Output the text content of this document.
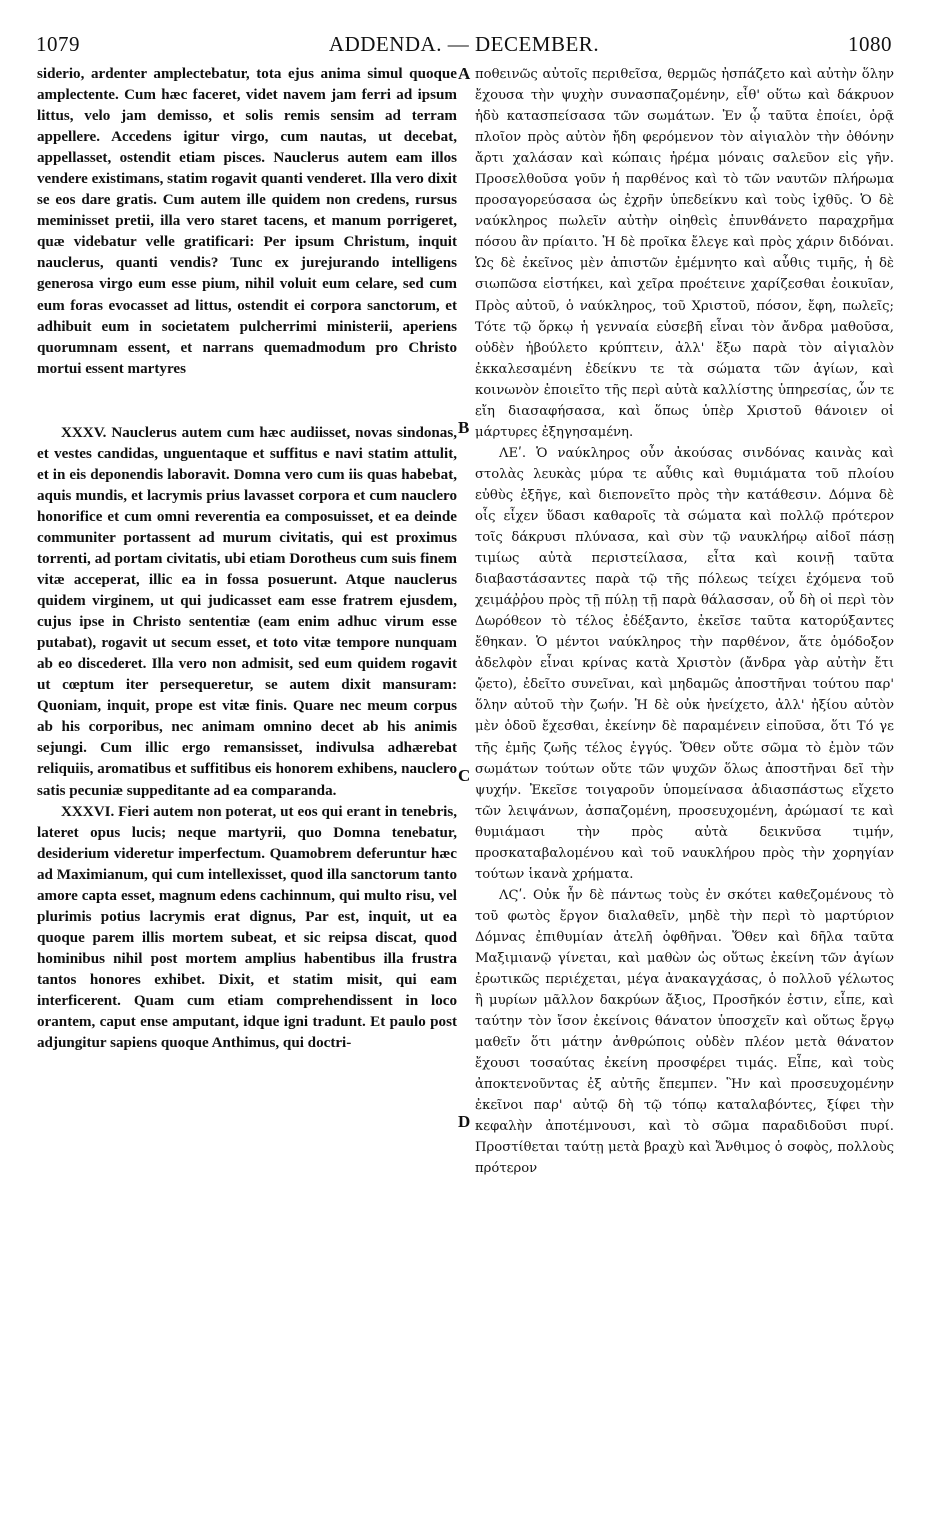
1079	ADDENDA. — DECEMBER.	1080

siderio, ardenter amplectebatur, tota ejus anima simul quoque amplectente. Cum hæc faceret, videt navem jam ferri ad ipsum littus, velo jam demisso, et solis remis sensim ad terram appellere. Accedens igitur virgo, cum nautas, ut decebat, appellasset, ostendit etiam pisces. Nauclerus autem eam illos vendere existimans, statim rogavit quanti venderet. Illa vero dixit se eos dare gratis. Cum autem ille quidem non credens, rursus meminisset pretii, illa vero staret tacens, et manum porrigeret, quæ videbatur velle gratificari: Per ipsum Christum, inquit nauclerus, quanti vendis? Tunc ex jurejurando intelligens generosa virgo eum esse pium, nihil voluit eum celare, sed cum eum foras evocasset ad littus, ostendit ei corpora sanctorum, et adhibuit eum in societatem pulcherrimi ministerii, aperiens quorumnam essent, et narrans quemadmodum pro Christo mortui essent martyres

XXXV. Nauclerus autem cum hæc audiisset, novas sindonas, et vestes candidas, unguentaque et suffitus e navi statim attulit, et in eis deponendis laboravit. Domna vero cum iis quas habebat, aquis mundis, et lacrymis prius lavasset corpora et cum nauclero honorifice et cum omni reverentia ea composuisset, et ea deinde communiter portassent ad murum civitatis, qui est proximus torrenti, ad portam civitatis, ubi etiam Dorotheus cum suis finem vitæ acceperat, illic ea in fossa posuerunt. Atque nauclerus quidem virginem, ut qui judicasset eam esse fratrem ejusdem, cujus ipse in Christo sententiæ (eam enim adhuc virum esse putabat), rogavit ut secum esset, et toto vitæ tempore nunquam ab eo discederet. Illa vero non admisit, sed eum quidem rogavit ut cœptum iter persequeretur, se autem dixit mansuram: Quoniam, inquit, prope est vitæ finis. Quare nec meum corpus ab his corporibus, nec animam omnino decet ab his animis sejungi. Cum illic ergo remansisset, indivulsa adhærebat reliquiis, aromatibus et suffitibus eis honorem exhibens, nauclero satis pecuniæ suppeditante ad ea comparanda.

XXXVI. Fieri autem non poterat, ut eos qui erant in tenebris, lateret opus lucis; neque martyrii, quo Domna tenebatur, desiderium videretur imperfectum. Quamobrem deferuntur hæc ad Maximianum, qui cum intellexisset, quod illa sanctorum tanto amore capta esset, magnum edens cachinnum, qui multo risu, vel plurimis potius lacrymis erat dignus, Par est, inquit, ut ea quoque parem illis mortem subeat, et sic reipsa discat, quod hominibus nihil post mortem amplius habentibus illa frustra tantos honores exhibet. Dixit, et statim misit, qui eam interficerent. Quam cum etiam comprehendissent in loco orantem, caput ense amputant, idque igni tradunt. Et paulo post adjungitur sapiens quoque Anthimus, qui doctri-

A
B
C
D

ποθεινῶς αὐτοῖς περιθεῖσα, θερμῶς ἠσπάζετο καὶ αὐτὴν ὅλην ἔχουσα τὴν ψυχὴν συνασπαζομένην, εἶθ' οὕτω καὶ δάκρυον ἡδὺ κατασπείσασα τῶν σωμάτων. Ἐν ᾧ ταῦτα ἐποίει, ὁρᾷ πλοῖον πρὸς αὐτὸν ἤδη φερόμενον τὸν αἰγιαλὸν τὴν ὀθόνην ἄρτι χαλάσαν καὶ κώπαις ἠρέμα μόναις σαλεῦον εἰς γῆν. Προσελθοῦσα γοῦν ἡ παρθένος καὶ τὸ τῶν ναυτῶν πλήρωμα προσαγορεύσασα ὡς ἐχρῆν ὑπεδείκνυ καὶ τοὺς ἰχθῦς. Ὁ δὲ ναύκληρος πωλεῖν αὐτὴν οἰηθεὶς ἐπυνθάνετο παραχρῆμα πόσου ἂν πρίαιτο. Ἡ δὲ προῖκα ἔλεγε καὶ πρὸς χάριν διδόναι. Ὡς δὲ ἐκεῖνος μὲν ἀπιστῶν ἐμέμνητο καὶ αὖθις τιμῆς, ἡ δὲ σιωπῶσα εἱστήκει, καὶ χεῖρα προέτεινε χαρίζεσθαι ἐοικυῖαν, Πρὸς αὐτοῦ, ὁ ναύκληρος, τοῦ Χριστοῦ, πόσον, ἔφη, πωλεῖς; Τότε τῷ ὅρκῳ ἡ γενναία εὐσεβῆ εἶναι τὸν ἄνδρα μαθοῦσα, οὐδὲν ἠβούλετο κρύπτειν, ἀλλ' ἔξω παρὰ τὸν αἰγιαλὸν ἐκκαλεσαμένη ἐδείκνυ τε τὰ σώματα τῶν ἁγίων, καὶ κοινωνὸν ἐποιεῖτο τῆς περὶ αὐτὰ καλλίστης ὑπηρεσίας, ὧν τε εἴη διασαφήσασα, καὶ ὅπως ὑπὲρ Χριστοῦ θάνοιεν οἱ μάρτυρες ἐξηγησαμένη.

ΛΕʹ. Ὁ ναύκληρος οὖν ἀκούσας σινδόνας καινὰς καὶ στολὰς λευκὰς μύρα τε αὖθις καὶ θυμιάματα τοῦ πλοίου εὐθὺς ἐξῆγε, καὶ διεπονεῖτο πρὸς τὴν κατάθεσιν. Δόμνα δὲ οἷς εἶχεν ὕδασι καθαροῖς τὰ σώματα καὶ πολλῷ πρότερον τοῖς δάκρυσι πλύνασα, καὶ σὺν τῷ ναυκλήρῳ αἰδοῖ πάσῃ τιμίως αὐτὰ περιστείλασα, εἶτα καὶ κοινῇ ταῦτα διαβαστάσαντες παρὰ τῷ τῆς πόλεως τείχει ἐχόμενα τοῦ χειμάῤῥου πρὸς τῇ πύλῃ τῇ παρὰ θάλασσαν, οὗ δὴ οἱ περὶ τὸν Δωρόθεον τὸ τέλος ἐδέξαντο, ἐκεῖσε ταῦτα κατορύξαντες ἔθηκαν. Ὁ μέντοι ναύκληρος τὴν παρθένον, ἅτε ὁμόδοξον ἀδελφὸν εἶναι κρίνας κατὰ Χριστὸν (ἄνδρα γὰρ αὐτὴν ἔτι ᾤετο), ἐδεῖτο συνεῖναι, καὶ μηδαμῶς ἀποστῆναι τούτου παρ' ὅλην αὐτοῦ τὴν ζωήν. Ἡ δὲ οὐκ ἠνείχετο, ἀλλ' ἠξίου αὐτὸν μὲν ὁδοῦ ἔχεσθαι, ἐκείνην δὲ παραμένειν εἰποῦσα, ὅτι Τό γε τῆς ἐμῆς ζωῆς τέλος ἐγγύς. Ὅθεν οὔτε σῶμα τὸ ἐμὸν τῶν σωμάτων τούτων οὔτε τῶν ψυχῶν ὅλως ἀποστῆναι δεῖ τὴν ψυχήν. Ἐκεῖσε τοιγαροῦν ὑπομείνασα ἀδιασπάστως εἴχετο τῶν λειψάνων, ἀσπαζομένη, προσευχομένη, ἀρώμασί τε καὶ θυμιάμασι τὴν πρὸς αὐτὰ δεικνῦσα τιμήν, προσκαταβαλομένου καὶ τοῦ ναυκλήρου πρὸς τὴν χορηγίαν τούτων ἱκανὰ χρήματα.

ΛϚʹ. Οὐκ ἦν δὲ πάντως τοὺς ἐν σκότει καθεζομένους τὸ τοῦ φωτὸς ἔργον διαλαθεῖν, μηδὲ τὴν περὶ τὸ μαρτύριον Δόμνας ἐπιθυμίαν ἀτελῆ ὀφθῆναι. Ὅθεν καὶ δῆλα ταῦτα Μαξιμιανῷ γίνεται, καὶ μαθὼν ὡς οὕτως ἐκείνη τῶν ἁγίων ἐρωτικῶς περιέχεται, μέγα ἀνακαγχάσας, ὁ πολλοῦ γέλωτος ἢ μυρίων μᾶλλον δακρύων ἄξιος, Προσῆκόν ἐστιν, εἶπε, καὶ ταύτην τὸν ἴσον ἐκείνοις θάνατον ὑποσχεῖν καὶ οὕτως ἔργῳ μαθεῖν ὅτι μάτην ἀνθρώποις οὐδὲν πλέον μετὰ θάνατον ἔχουσι τοσαύτας ἐκείνη προσφέρει τιμάς. Εἶπε, καὶ τοὺς ἀποκτενοῦντας ἐξ αὐτῆς ἔπεμπεν. Ἣν καὶ προσευχομένην ἐκεῖνοι παρ' αὐτῷ δὴ τῷ τόπῳ καταλαβόντες, ξίφει τὴν κεφαλὴν ἀποτέμνουσι, καὶ τὸ σῶμα παραδιδοῦσι πυρί. Προστίθεται ταύτῃ μετὰ βραχὺ καὶ Ἄνθιμος ὁ σοφὸς, πολλοὺς πρότερον
